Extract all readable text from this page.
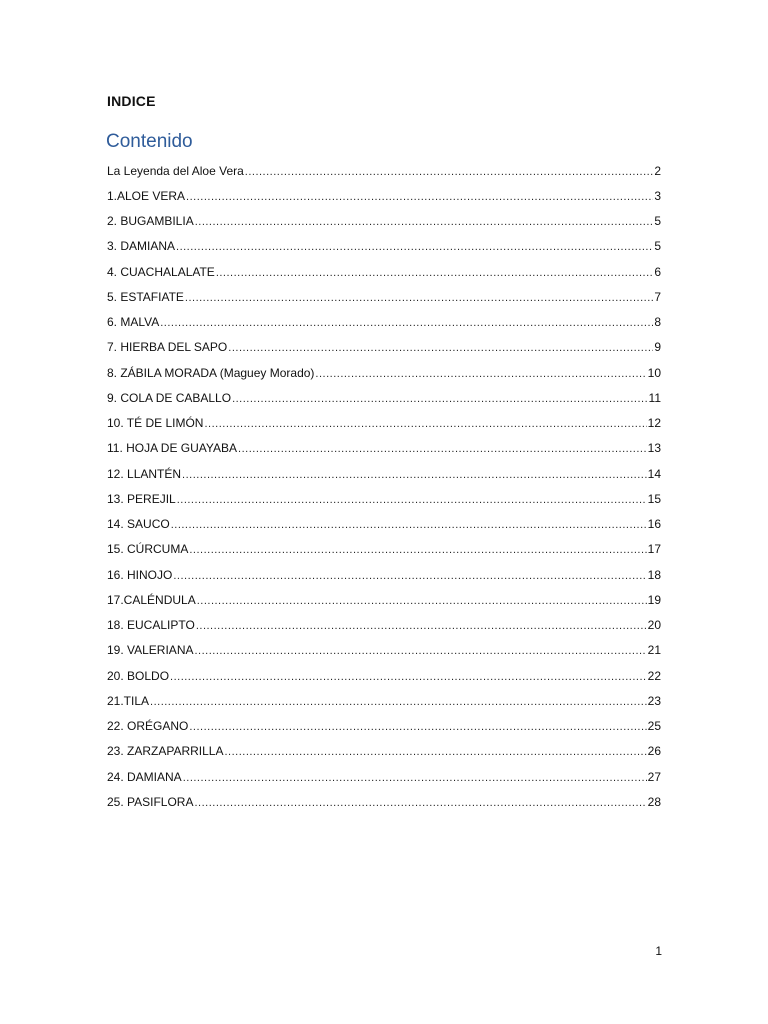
INDICE
Contenido
La Leyenda del Aloe Vera .....	2
1.ALOE VERA .....	3
2. BUGAMBILIA .....	5
3. DAMIANA .....	5
4. CUACHALALATE .....	6
5. ESTAFIATE .....	7
6. MALVA .....	8
7. HIERBA DEL SAPO .....	9
8. ZÁBILA MORADA (Maguey Morado) .....	10
9. COLA DE CABALLO .....	11
10. TÉ DE LIMÓN .....	12
11. HOJA DE GUAYABA .....	13
12. LLANTÉN .....	14
13. PEREJIL .....	15
14. SAUCO .....	16
15. CÚRCUMA .....	17
16. HINOJO .....	18
17.CALÉNDULA .....	19
18. EUCALIPTO .....	20
19. VALERIANA .....	21
20. BOLDO .....	22
21.TILA .....	23
22. ORÉGANO .....	25
23. ZARZAPARRILLA .....	26
24. DAMIANA .....	27
25. PASIFLORA .....	28
1
